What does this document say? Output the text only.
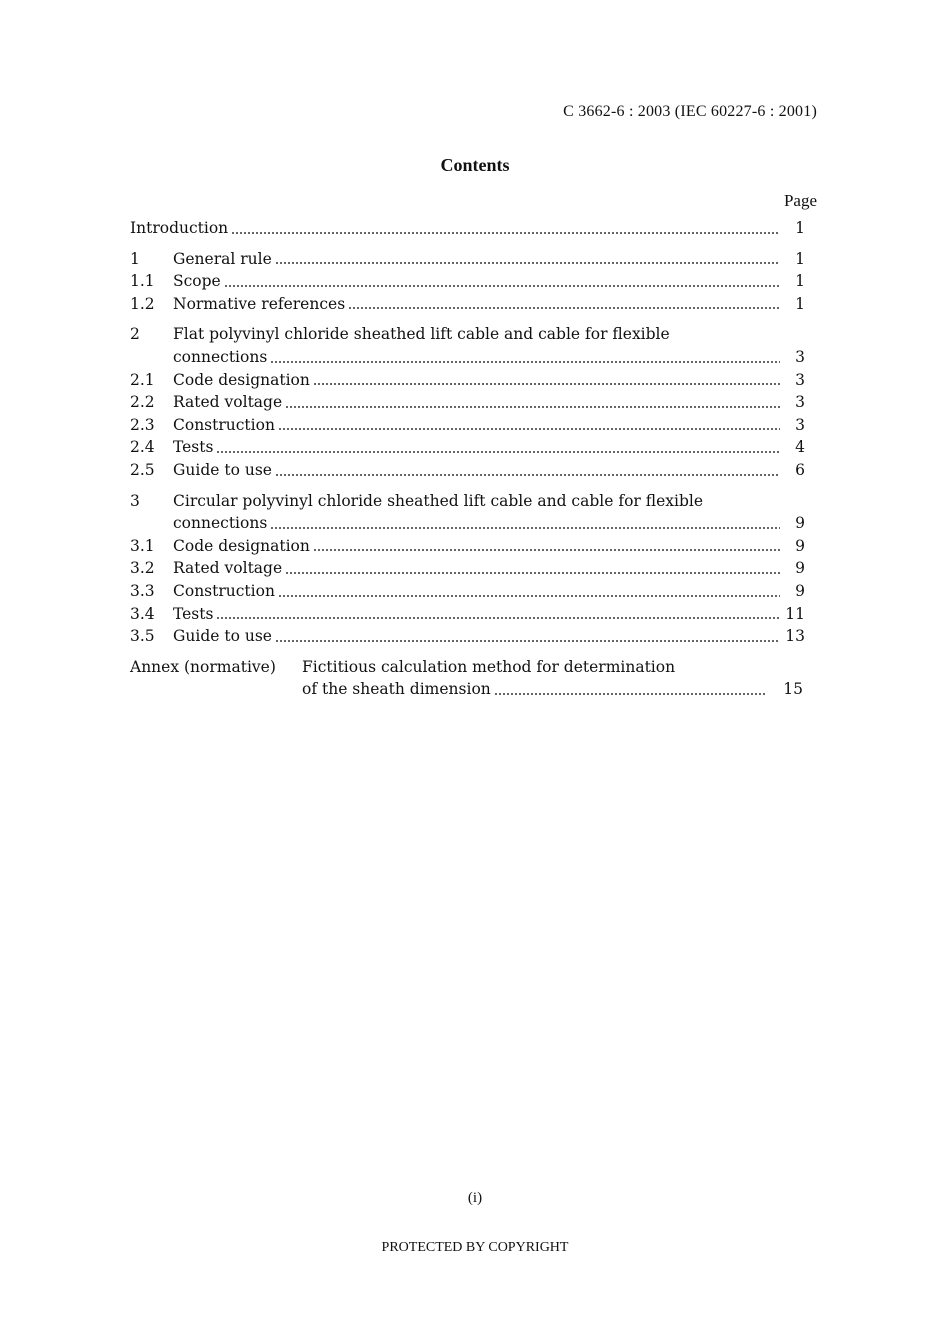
C 3662-6 : 2003 (IEC 60227-6 : 2001)
Contents
Page
Introduction	1
1	General rule	1
1.1	Scope	1
1.2	Normative references	1
2	Flat polyvinyl chloride sheathed lift cable and cable for flexible
connections	3
2.1	Code designation	3
2.2	Rated voltage	3
2.3	Construction	3
2.4	Tests	4
2.5	Guide to use	6
3	Circular polyvinyl chloride sheathed lift cable and cable for flexible
connections	9
3.1	Code designation	9
3.2	Rated voltage	9
3.3	Construction	9
3.4	Tests	11
3.5	Guide to use	13
Annex (normative)	Fictitious calculation method for determination
of the sheath dimension	15
(i)
PROTECTED BY COPYRIGHT
